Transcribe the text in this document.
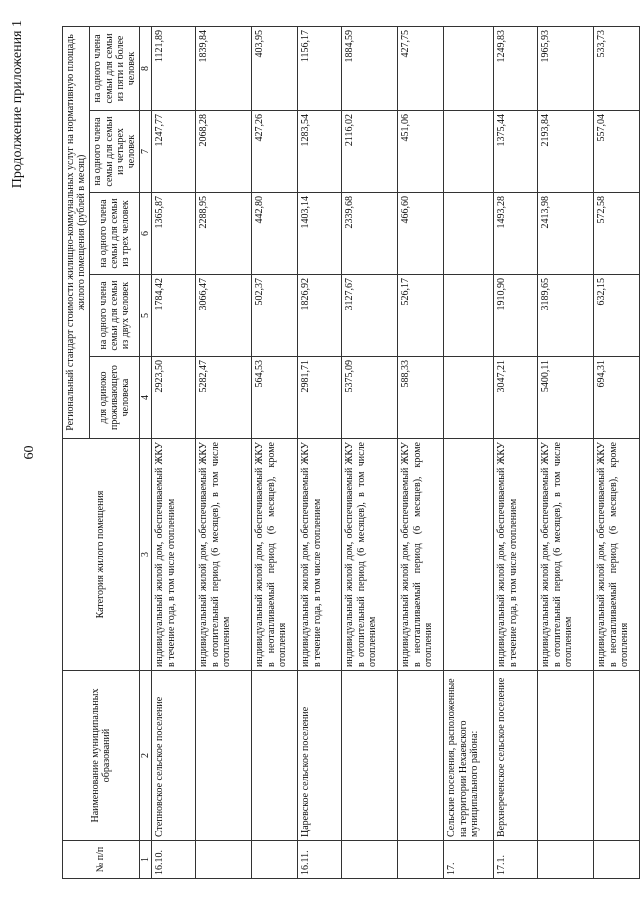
60
Продолжение приложения 1
№ п/п	Наименование муниципальных образований	Категория жилого помещения	Региональный стандарт стоимости жилищно-коммунальных услуг на нормативную площадь жилого помещения (рублей в месяц)				
			для одиноко проживающего человека	на одного члена семьи для семьи из двух человек	на одного члена семьи для семьи из трех человек	на одного члена семьи для семьи из четырех человек	на одного члена семьи для семьи из пяти и более человек
1	2	3	4	5	6	7	8
16.10.	Степновское сельское поселение	индивидуальный жилой дом, обеспечиваемый ЖКУ в течение года, в том числе отоплением	2923,50	1784,42	1365,87	1247,77	1121,89
		индивидуальный жилой дом, обеспечиваемый ЖКУ в отопительный период (6 месяцев), в том числе отоплением	5282,47	3066,47	2288,95	2068,28	1839,84
		индивидуальный жилой дом, обеспечиваемый ЖКУ в неотапливаемый период (6 месяцев), кроме отопления	564,53	502,37	442,80	427,26	403,95
16.11.	Царевское сельское поселение	индивидуальный жилой дом, обеспечиваемый ЖКУ в течение года, в том числе отоплением	2981,71	1826,92	1403,14	1283,54	1156,17
		индивидуальный жилой дом, обеспечиваемый ЖКУ в отопительный период (6 месяцев), в том числе отоплением	5375,09	3127,67	2339,68	2116,02	1884,59
		индивидуальный жилой дом, обеспечиваемый ЖКУ в неотапливаемый период (6 месяцев), кроме отопления	588,33	526,17	466,60	451,06	427,75
17.	Сельские поселения, расположенные на территории Нехаевского муниципального района:						
17.1.	Верхнереченское сельское поселение	индивидуальный жилой дом, обеспечиваемый ЖКУ в течение года, в том числе отоплением	3047,21	1910,90	1493,28	1375,44	1249,83
		индивидуальный жилой дом, обеспечиваемый ЖКУ в отопительный период (6 месяцев), в том числе отоплением	5400,11	3189,65	2413,98	2193,84	1965,93
		индивидуальный жилой дом, обеспечиваемый ЖКУ в неотапливаемый период (6 месяцев), кроме отопления	694,31	632,15	572,58	557,04	533,73
